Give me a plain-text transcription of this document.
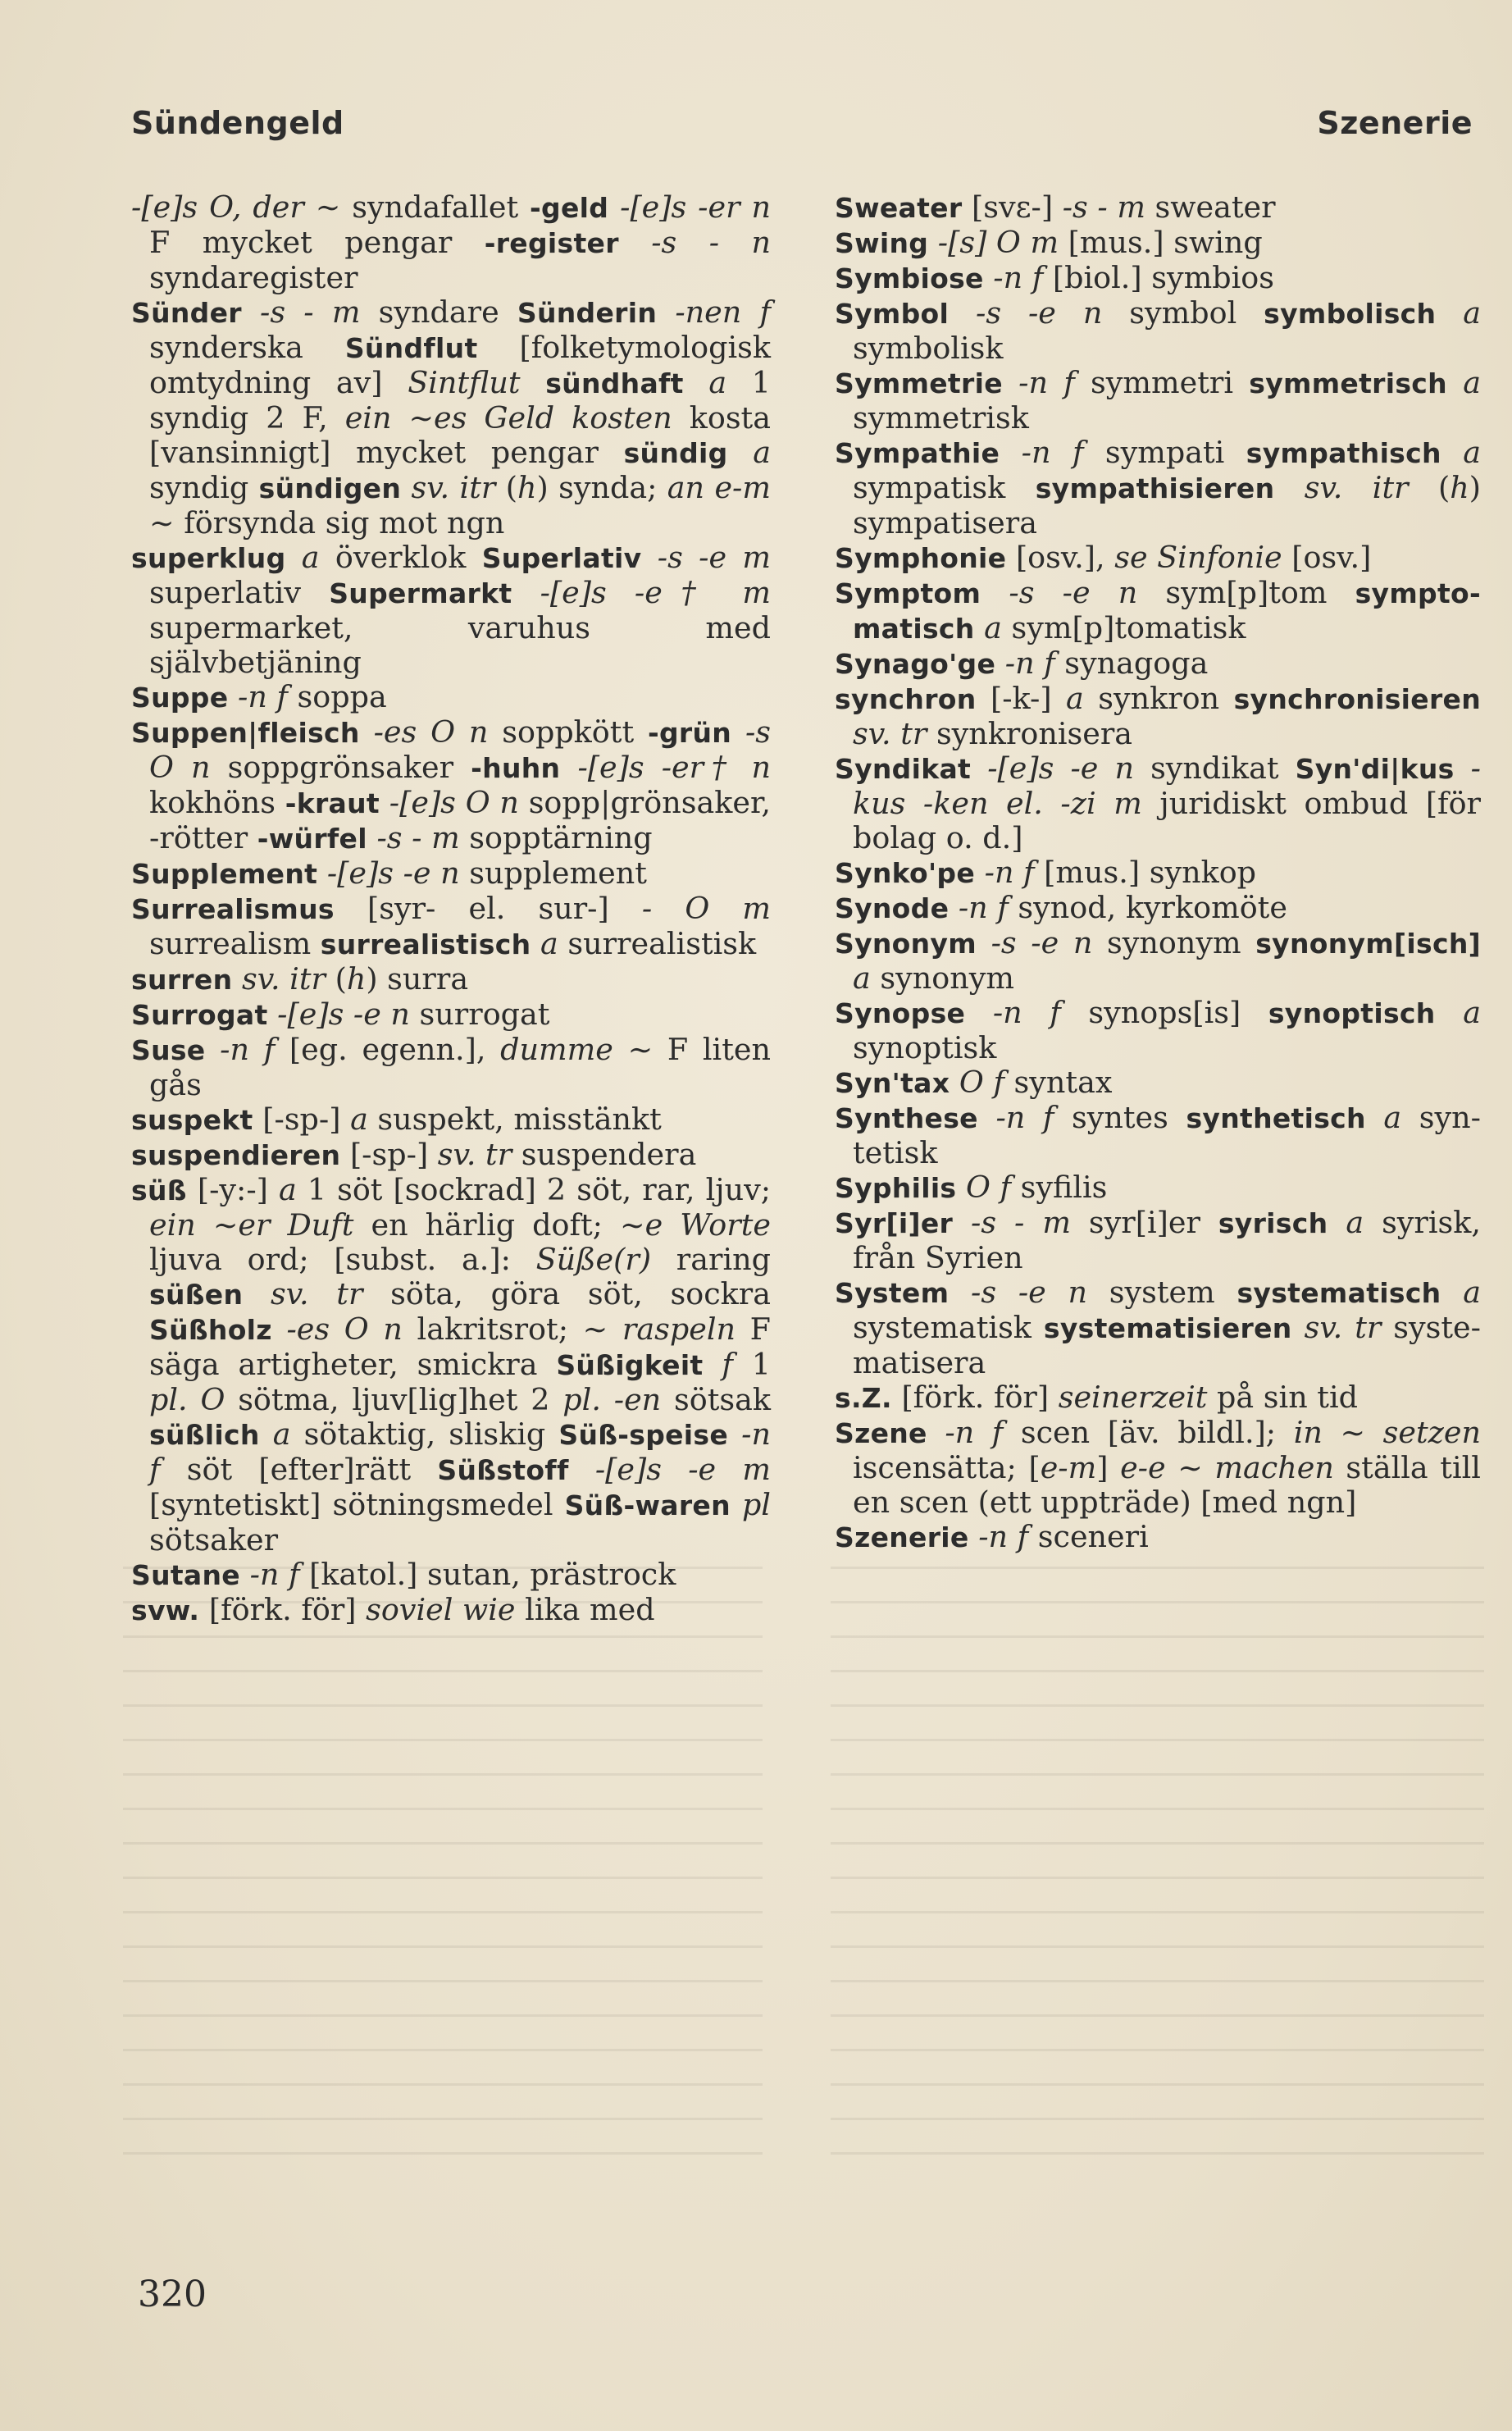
Sündengeld	Szenerie

-[e]s O, der ∼ syndafallet -geld -[e]s -er n F mycket pengar -register -s - n syndaregister

Sünder -s - m syndare Sünderin -nen f synderska Sündflut [folketymologisk omtydning av] Sintflut sündhaft a 1 syndig 2 F, ein ∼es Geld kosten kosta [vansinnigt] mycket pengar sündig a syndig sündigen sv. itr (h) synda; an e-m ∼ försynda sig mot ngn

superklug a överklok Superlativ -s -e m superlativ Supermarkt -[e]s -e† m supermarket, varuhus med självbetjäning

Suppe -n f soppa

Suppen|fleisch -es O n soppkött -grün -s O n soppgrönsaker -huhn -[e]s -er† n kokhöns -kraut -[e]s O n sopp|grönsaker, -rötter -würfel -s - m sopptärning

Supplement -[e]s -e n supplement

Surrealismus [syr- el. sur-] - O m surrealism surrealistisch a surrealistisk

surren sv. itr (h) surra

Surrogat -[e]s -e n surrogat

Suse -n f [eg. egenn.], dumme ∼ F liten gås

suspekt [-sp-] a suspekt, misstänkt

suspendieren [-sp-] sv. tr suspendera

süß [-y:-] a 1 söt [sockrad] 2 söt, rar, ljuv; ein ∼er Duft en härlig doft; ∼e Worte ljuva ord; [subst. a.]: Süße(r) raring süßen sv. tr söta, göra söt, sockra Süßholz -es O n lakritsrot; ∼ raspeln F säga artigheter, smickra Süßigkeit f 1 pl. O sötma, ljuv[lig]het 2 pl. -en sötsak süßlich a sötaktig, sliskig Süß-speise -n f söt [efter]rätt Süßstoff -[e]s -e m [syntetiskt] sötningsmedel Süß-waren pl sötsaker

Sutane -n f [katol.] sutan, prästrock

svw. [förk. för] soviel wie lika med

Sweater [svε-] -s - m sweater

Swing -[s] O m [mus.] swing

Symbiose -n f [biol.] symbios

Symbol -s -e n symbol symbolisch a symbolisk

Symmetrie -n f symmetri symmetrisch a symmetrisk

Sympathie -n f sympati sympathisch a sympatisk sympathisieren sv. itr (h) sympatisera

Symphonie [osv.], se Sinfonie [osv.]

Symptom -s -e n sym[p]tom sympto-matisch a sym[p]tomatisk

Synago'ge -n f synagoga

synchron [-k-] a synkron synchronisieren sv. tr synkronisera

Syndikat -[e]s -e n syndikat Syn'di|kus -kus -ken el. -zi m juridiskt ombud [för bolag o. d.]

Synko'pe -n f [mus.] synkop

Synode -n f synod, kyrkomöte

Synonym -s -e n synonym synonym[isch] a synonym

Synopse -n f synops[is] synoptisch a synoptisk

Syn'tax O f syntax

Synthese -n f syntes synthetisch a syn-tetisk

Syphilis O f syfilis

Syr[i]er -s - m syr[i]er syrisch a syrisk, från Syrien

System -s -e n system systematisch a systematisk systematisieren sv. tr syste-matisera

s.Z. [förk. för] seinerzeit på sin tid

Szene -n f scen [äv. bildl.]; in ∼ setzen iscensätta; [e-m] e-e ∼ machen ställa till en scen (ett uppträde) [med ngn]

Szenerie -n f sceneri

320
